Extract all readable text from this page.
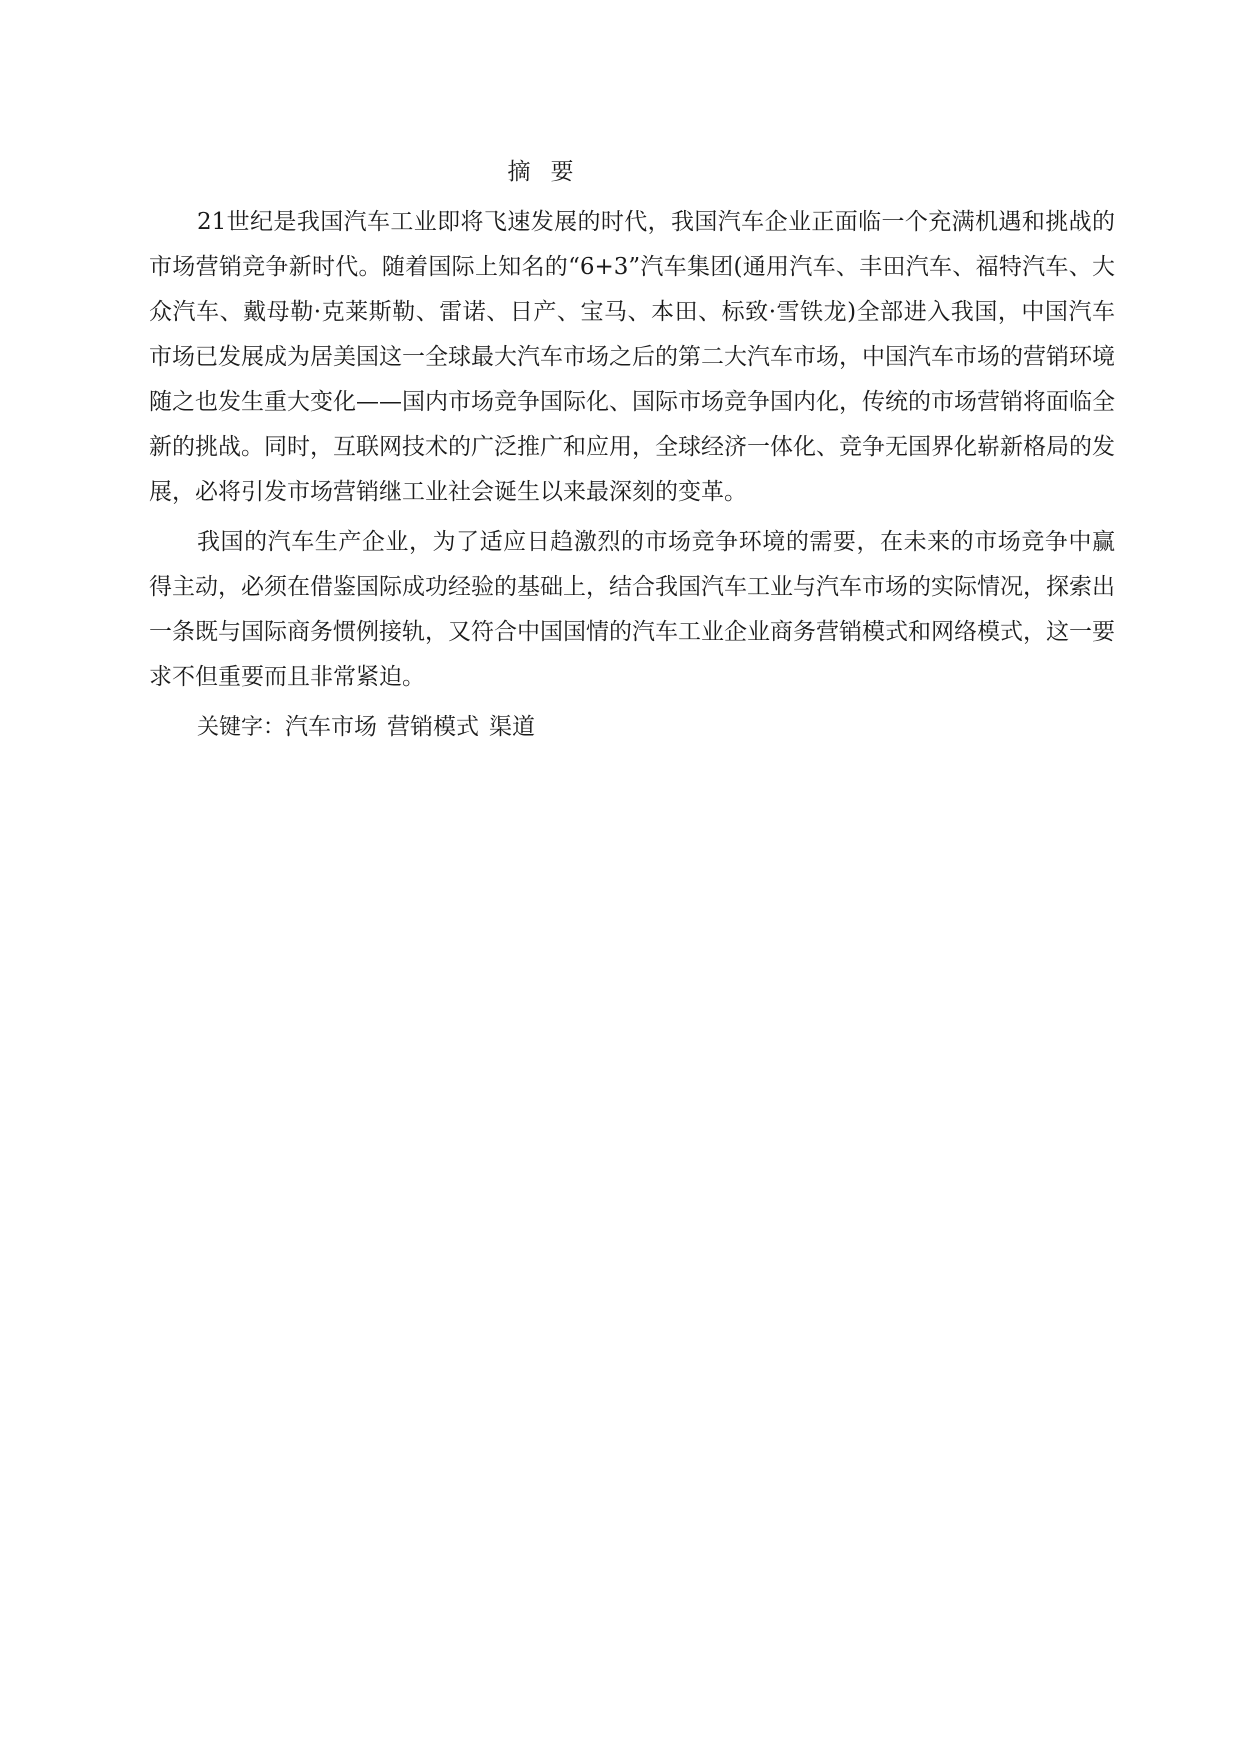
摘要

21世纪是我国汽车工业即将飞速发展的时代，我国汽车企业正面临一个充满机遇和挑战的市场营销竞争新时代。随着国际上知名的“6+3”汽车集团(通用汽车、丰田汽车、福特汽车、大众汽车、戴母勒·克莱斯勒、雷诺、日产、宝马、本田、标致·雪铁龙)全部进入我国，中国汽车市场已发展成为居美国这一全球最大汽车市场之后的第二大汽车市场，中国汽车市场的营销环境随之也发生重大变化——国内市场竞争国际化、国际市场竞争国内化，传统的市场营销将面临全新的挑战。同时，互联网技术的广泛推广和应用，全球经济一体化、竞争无国界化崭新格局的发展，必将引发市场营销继工业社会诞生以来最深刻的变革。

我国的汽车生产企业，为了适应日趋激烈的市场竞争环境的需要，在未来的市场竞争中赢得主动，必须在借鉴国际成功经验的基础上，结合我国汽车工业与汽车市场的实际情况，探索出一条既与国际商务惯例接轨，又符合中国国情的汽车工业企业商务营销模式和网络模式，这一要求不但重要而且非常紧迫。

关键字：汽车市场 营销模式 渠道
